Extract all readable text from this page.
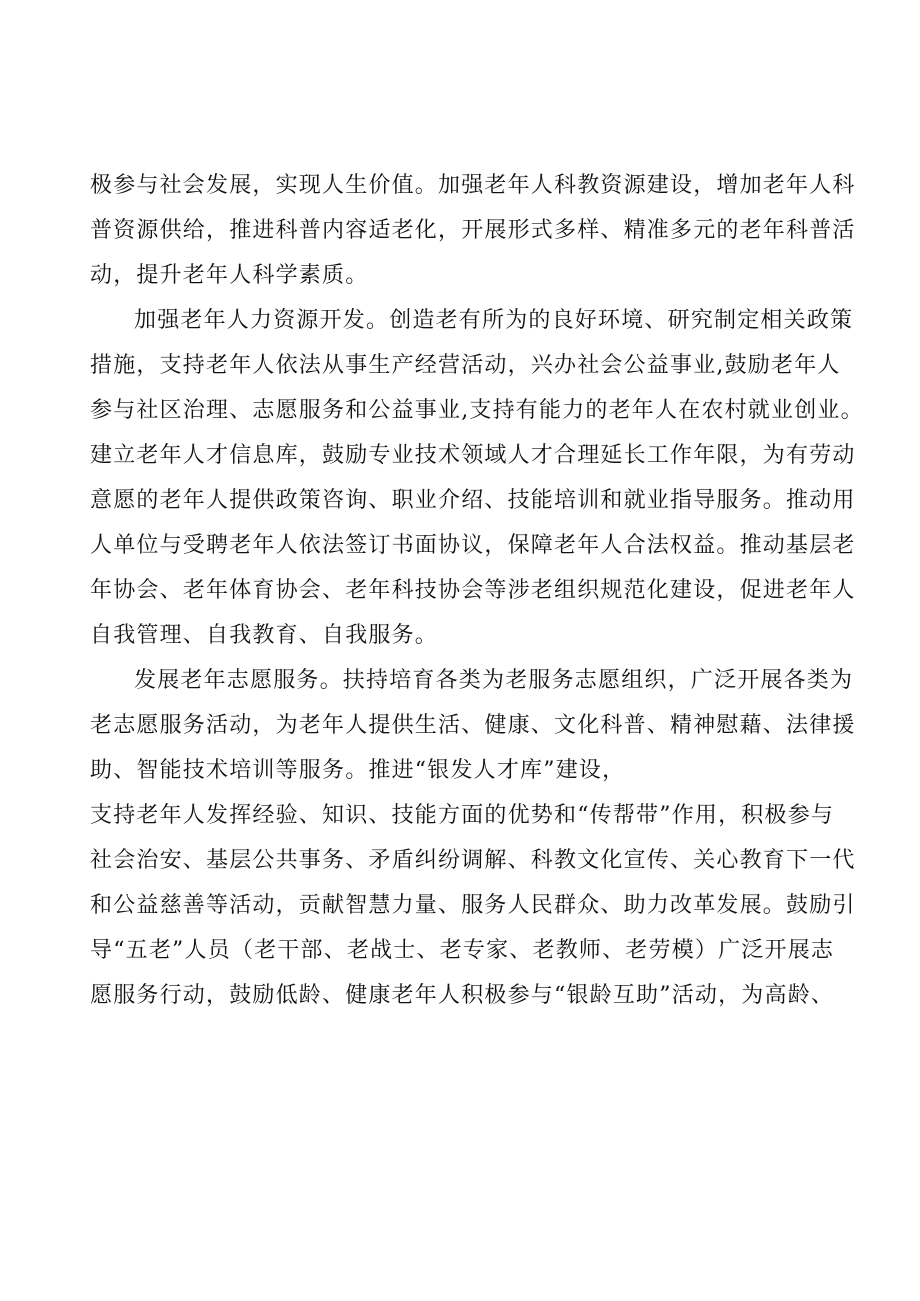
极参与社会发展，实现人生价值。加强老年人科教资源建设，增加老年人科
普资源供给，推进科普内容适老化，开展形式多样、精准多元的老年科普活
动，提升老年人科学素质。
加强老年人力资源开发。创造老有所为的良好环境、研究制定相关政策
措施，支持老年人依法从事生产经营活动，兴办社会公益事业,鼓励老年人
参与社区治理、志愿服务和公益事业,支持有能力的老年人在农村就业创业。
建立老年人才信息库，鼓励专业技术领域人才合理延长工作年限，为有劳动
意愿的老年人提供政策咨询、职业介绍、技能培训和就业指导服务。推动用
人单位与受聘老年人依法签订书面协议，保障老年人合法权益。推动基层老
年协会、老年体育协会、老年科技协会等涉老组织规范化建设，促进老年人
自我管理、自我教育、自我服务。
发展老年志愿服务。扶持培育各类为老服务志愿组织，广泛开展各类为
老志愿服务活动，为老年人提供生活、健康、文化科普、精神慰藉、法律援
助、智能技术培训等服务。推进“银发人才库”建设，
支持老年人发挥经验、知识、技能方面的优势和“传帮带”作用，积极参与
社会治安、基层公共事务、矛盾纠纷调解、科教文化宣传、关心教育下一代
和公益慈善等活动，贡献智慧力量、服务人民群众、助力改革发展。鼓励引
导“五老”人员（老干部、老战士、老专家、老教师、老劳模）广泛开展志
愿服务行动，鼓励低龄、健康老年人积极参与“银龄互助”活动，为高龄、
